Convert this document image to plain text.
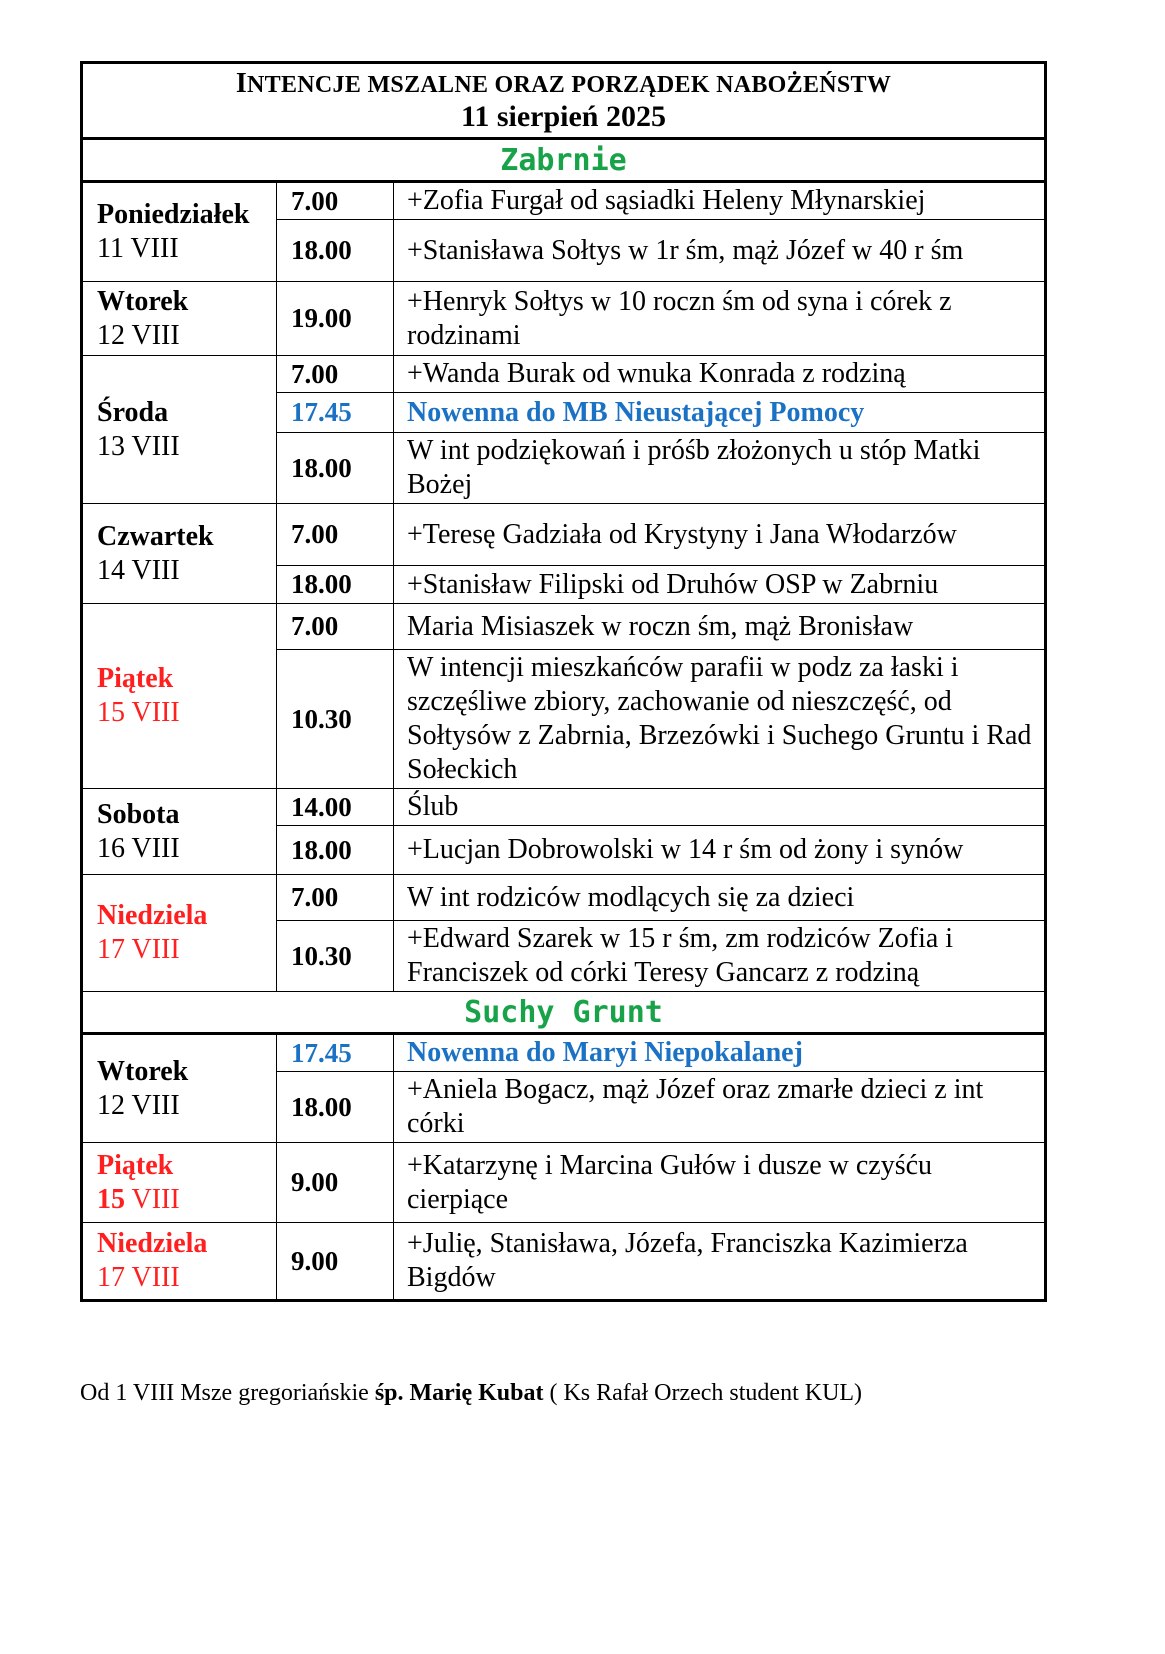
INTENCJE MSZALNE ORAZ PORZĄDEK NABOŻEŃSTW
11 sierpień 2025		

Zabrnie		

Poniedziałek
11 VIII	7.00	+Zofia Furgał od sąsiadki Heleny Młynarskiej
	18.00	+Stanisława Sołtys w 1r śm, mąż Józef w 40 r śm

Wtorek
12 VIII	19.00	+Henryk Sołtys w 10 roczn śm od syna i córek z rodzinami

Środa
13 VIII	7.00	+Wanda Burak od wnuka Konrada z rodziną
	17.45	Nowenna do MB Nieustającej Pomocy
	18.00	W int podziękowań i próśb złożonych u stóp Matki Bożej

Czwartek
14 VIII	7.00	+Teresę Gadziała od Krystyny i Jana Włodarzów
	18.00	+Stanisław Filipski od Druhów OSP w Zabrniu

Piątek
15 VIII	7.00	Maria Misiaszek w roczn śm, mąż Bronisław
	10.30	W intencji mieszkańców parafii w podz za łaski i szczęśliwe zbiory, zachowanie od nieszczęść, od Sołtysów z Zabrnia, Brzezówki i Suchego Gruntu i Rad Sołeckich

Sobota
16 VIII	14.00	Ślub
	18.00	+Lucjan Dobrowolski w 14 r śm od żony i synów

Niedziela
17 VIII	7.00	W int rodziców modlących się za dzieci
	10.30	+Edward Szarek w 15 r śm, zm rodziców Zofia i Franciszek od córki Teresy Gancarz z rodziną
Suchy Grunt		

Wtorek
12 VIII	17.45	Nowenna do Maryi Niepokalanej
	18.00	+Aniela Bogacz, mąż Józef oraz zmarłe dzieci z int córki

Piątek
15 VIII	9.00	+Katarzynę i Marcina Gułów i dusze w czyśću cierpiące

Niedziela
17 VIII	9.00	+Julię, Stanisława, Józefa, Franciszka Kazimierza Bigdów
Od 1 VIII Msze gregoriańskie śp. Marię Kubat ( Ks Rafał Orzech student KUL)
